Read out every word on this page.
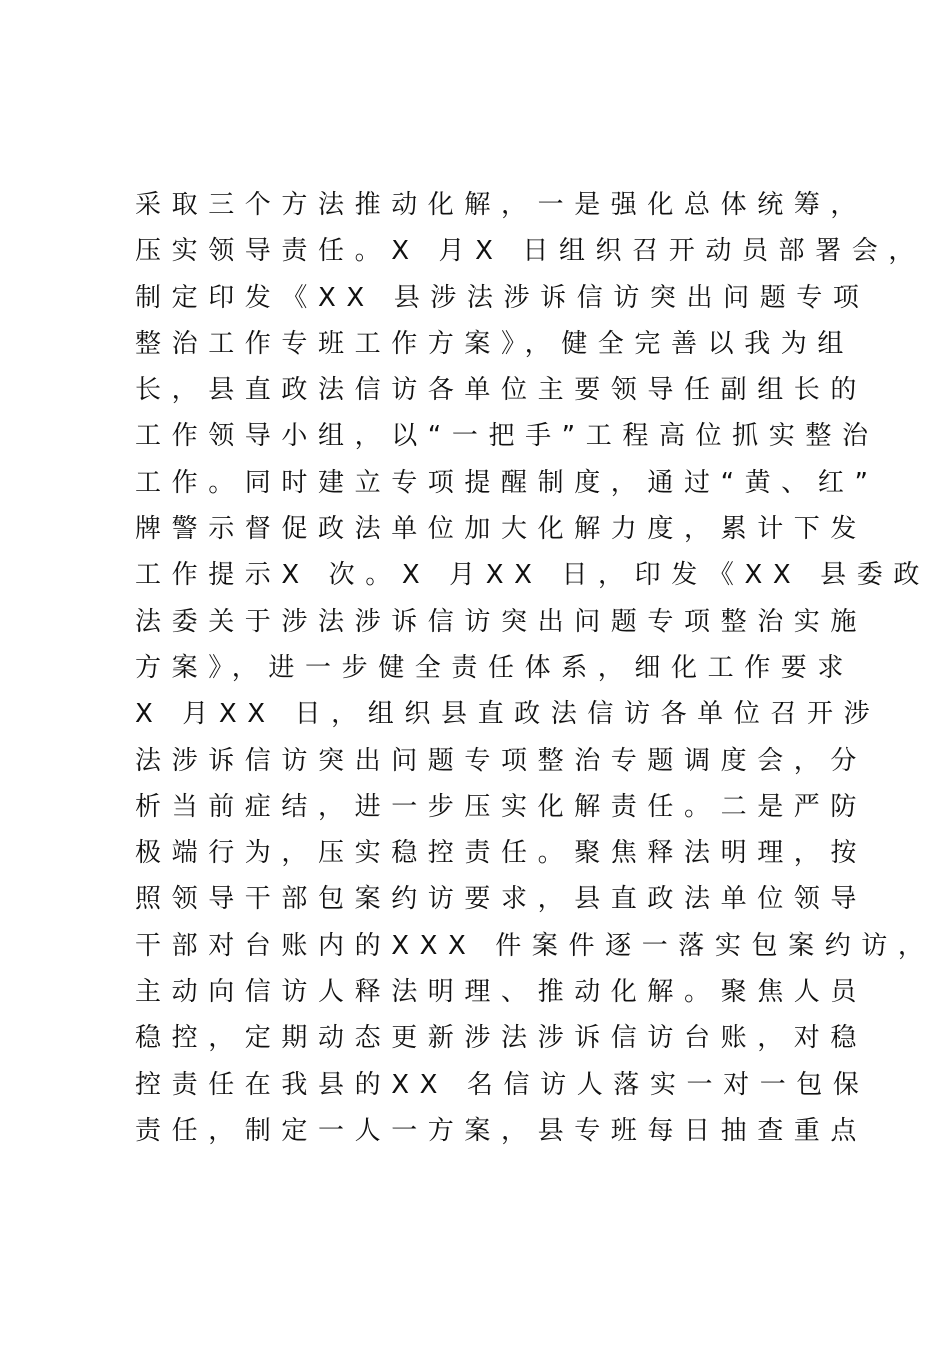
采取三个方法推动化解，一是强化总体统筹，
压实领导责任。X 月X 日组织召开动员部署会，
制定印发《XX 县涉法涉诉信访突出问题专项
整治工作专班工作方案》，健全完善以我为组
长，县直政法信访各单位主要领导任副组长的
工作领导小组，以“一把手”工程高位抓实整治
工作。同时建立专项提醒制度，通过“黄、红”
牌警示督促政法单位加大化解力度，累计下发
工作提示X 次。X 月XX 日，印发《XX 县委政
法委关于涉法涉诉信访突出问题专项整治实施
方案》，进一步健全责任体系，细化工作要求
X 月XX 日，组织县直政法信访各单位召开涉
法涉诉信访突出问题专项整治专题调度会，分
析当前症结，进一步压实化解责任。二是严防
极端行为，压实稳控责任。聚焦释法明理，按
照领导干部包案约访要求，县直政法单位领导
干部对台账内的XXX 件案件逐一落实包案约访，
主动向信访人释法明理、推动化解。聚焦人员
稳控，定期动态更新涉法涉诉信访台账，对稳
控责任在我县的XX 名信访人落实一对一包保
责任，制定一人一方案，县专班每日抽查重点
